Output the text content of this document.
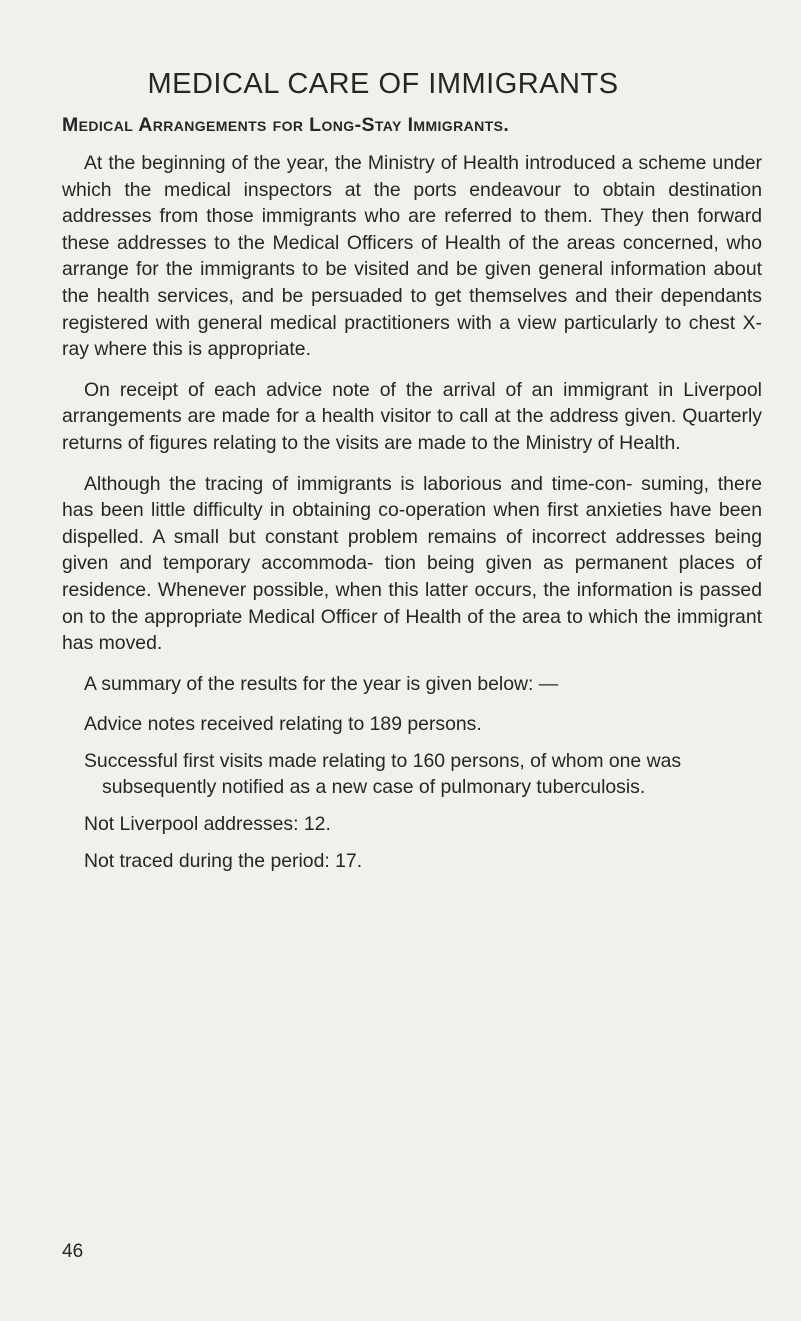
MEDICAL CARE OF IMMIGRANTS
Medical Arrangements for Long-Stay Immigrants.

At the beginning of the year, the Ministry of Health introduced a scheme under which the medical inspectors at the ports endeavour to obtain destination addresses from those immigrants who are referred to them. They then forward these addresses to the Medical Officers of Health of the areas concerned, who arrange for the immigrants to be visited and be given general information about the health services, and be persuaded to get themselves and their dependants registered with general medical practitioners with a view particularly to chest X-ray where this is appropriate.

On receipt of each advice note of the arrival of an immigrant in Liverpool arrangements are made for a health visitor to call at the address given. Quarterly returns of figures relating to the visits are made to the Ministry of Health.

Although the tracing of immigrants is laborious and time-con- suming, there has been little difficulty in obtaining co-operation when first anxieties have been dispelled. A small but constant problem remains of incorrect addresses being given and temporary accommoda- tion being given as permanent places of residence. Whenever possible, when this latter occurs, the information is passed on to the appropriate Medical Officer of Health of the area to which the immigrant has moved.

A summary of the results for the year is given below: —

Advice notes received relating to 189 persons.
Successful first visits made relating to 160 persons, of whom one was subsequently notified as a new case of pulmonary tuberculosis.
Not Liverpool addresses: 12.
Not traced during the period: 17.
46
